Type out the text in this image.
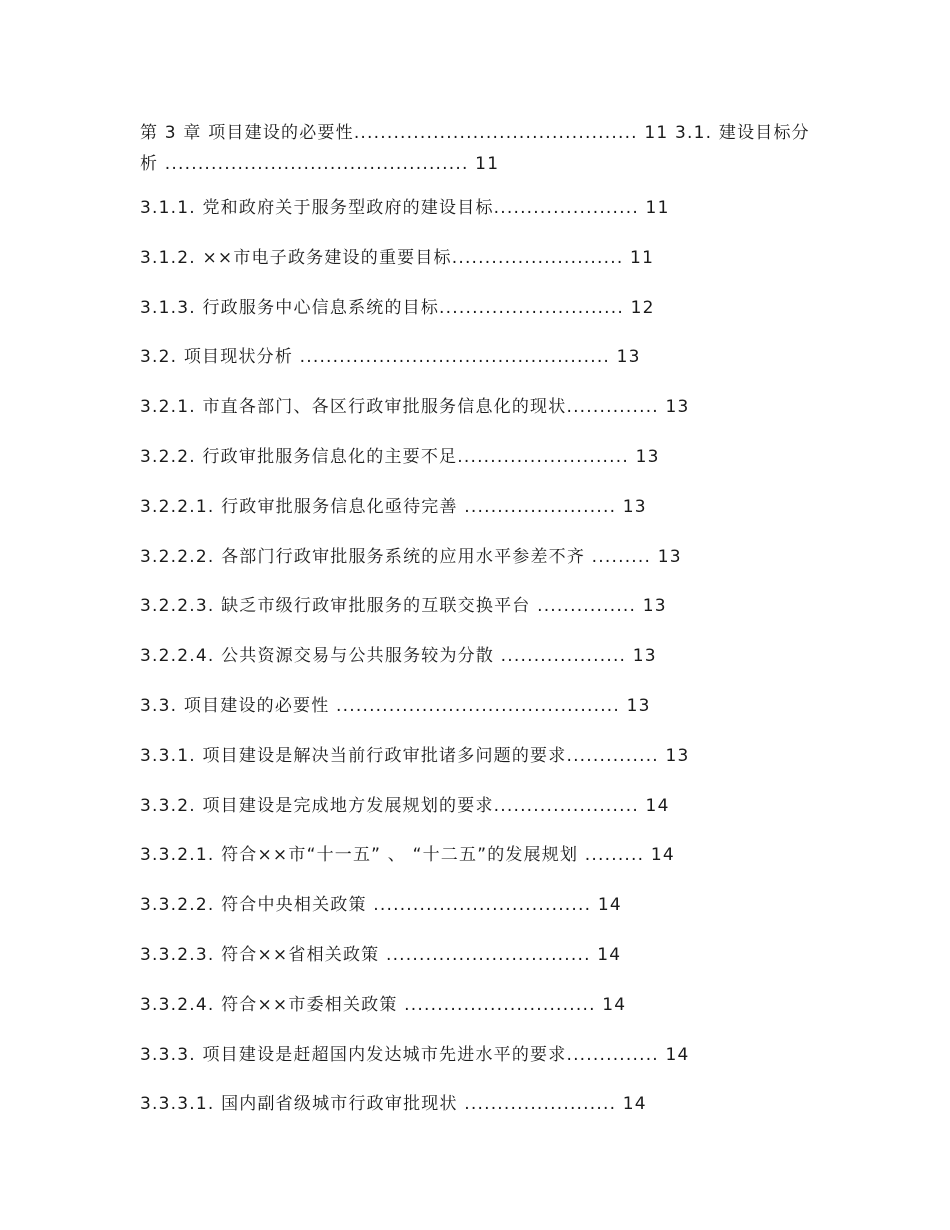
第 3 章 项目建设的必要性........................................... 11 3.1. 建设目标分析 .............................................. 11
3.1.1. 党和政府关于服务型政府的建设目标...................... 11
3.1.2. ××市电子政务建设的重要目标.......................... 11
3.1.3. 行政服务中心信息系统的目标............................ 12
3.2. 项目现状分析 ............................................... 13
3.2.1. 市直各部门、各区行政审批服务信息化的现状.............. 13
3.2.2. 行政审批服务信息化的主要不足.......................... 13
3.2.2.1. 行政审批服务信息化亟待完善 ....................... 13
3.2.2.2. 各部门行政审批服务系统的应用水平参差不齐 ......... 13
3.2.2.3. 缺乏市级行政审批服务的互联交换平台 ............... 13
3.2.2.4. 公共资源交易与公共服务较为分散 ................... 13
3.3. 项目建设的必要性 ........................................... 13
3.3.1. 项目建设是解决当前行政审批诸多问题的要求.............. 13
3.3.2. 项目建设是完成地方发展规划的要求...................... 14
3.3.2.1. 符合××市“十一五” 、 “十二五”的发展规划 ......... 14
3.3.2.2. 符合中央相关政策 ................................. 14
3.3.2.3. 符合××省相关政策 ............................... 14
3.3.2.4. 符合××市委相关政策 ............................. 14
3.3.3. 项目建设是赶超国内发达城市先进水平的要求.............. 14
3.3.3.1. 国内副省级城市行政审批现状 ....................... 14
